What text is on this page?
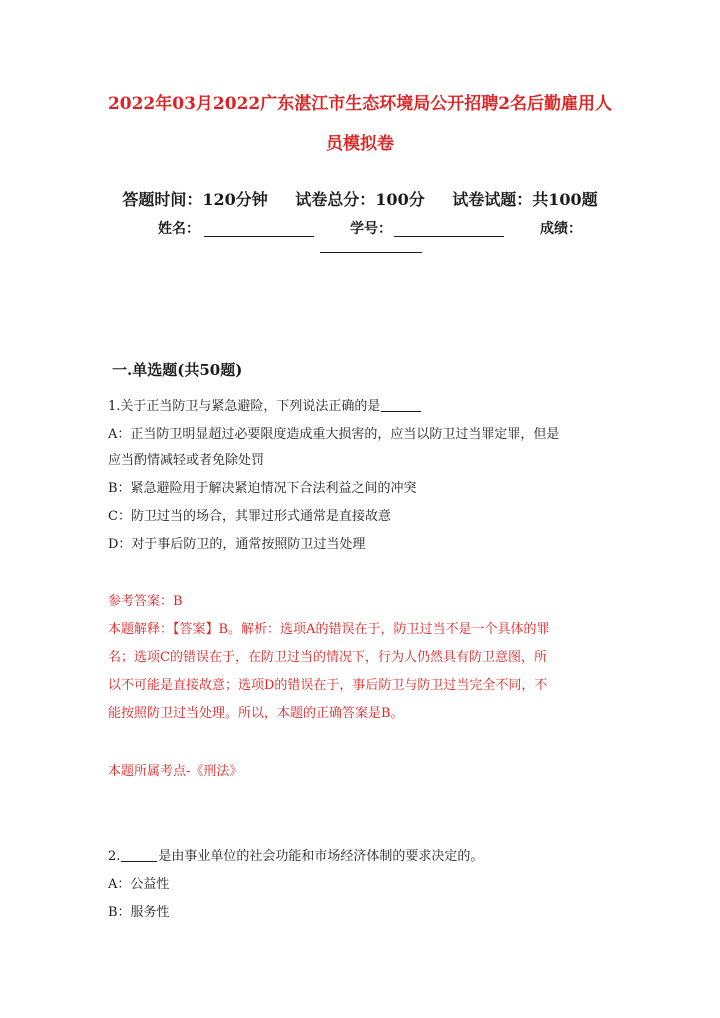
2022年03月2022广东湛江市生态环境局公开招聘2名后勤雇用人
员模拟卷
答题时间：120分钟 试卷总分：100分 试卷试题：共100题
姓名：	学号：	成绩：
一.单选题(共50题)
1.关于正当防卫与紧急避险，下列说法正确的是
A：正当防卫明显超过必要限度造成重大损害的，应当以防卫过当罪定罪，但是
应当酌情减轻或者免除处罚
B：紧急避险用于解决紧迫情况下合法利益之间的冲突
C：防卫过当的场合，其罪过形式通常是直接故意
D：对于事后防卫的，通常按照防卫过当处理
参考答案：B
本题解释：【答案】B。解析：选项A的错误在于，防卫过当不是一个具体的罪
名；选项C的错误在于，在防卫过当的情况下，行为人仍然具有防卫意图，所
以不可能是直接故意；选项D的错误在于，事后防卫与防卫过当完全不同，不
能按照防卫过当处理。所以，本题的正确答案是B。
本题所属考点-《刑法》
2.	是由事业单位的社会功能和市场经济体制的要求决定的。
A：公益性
B：服务性
